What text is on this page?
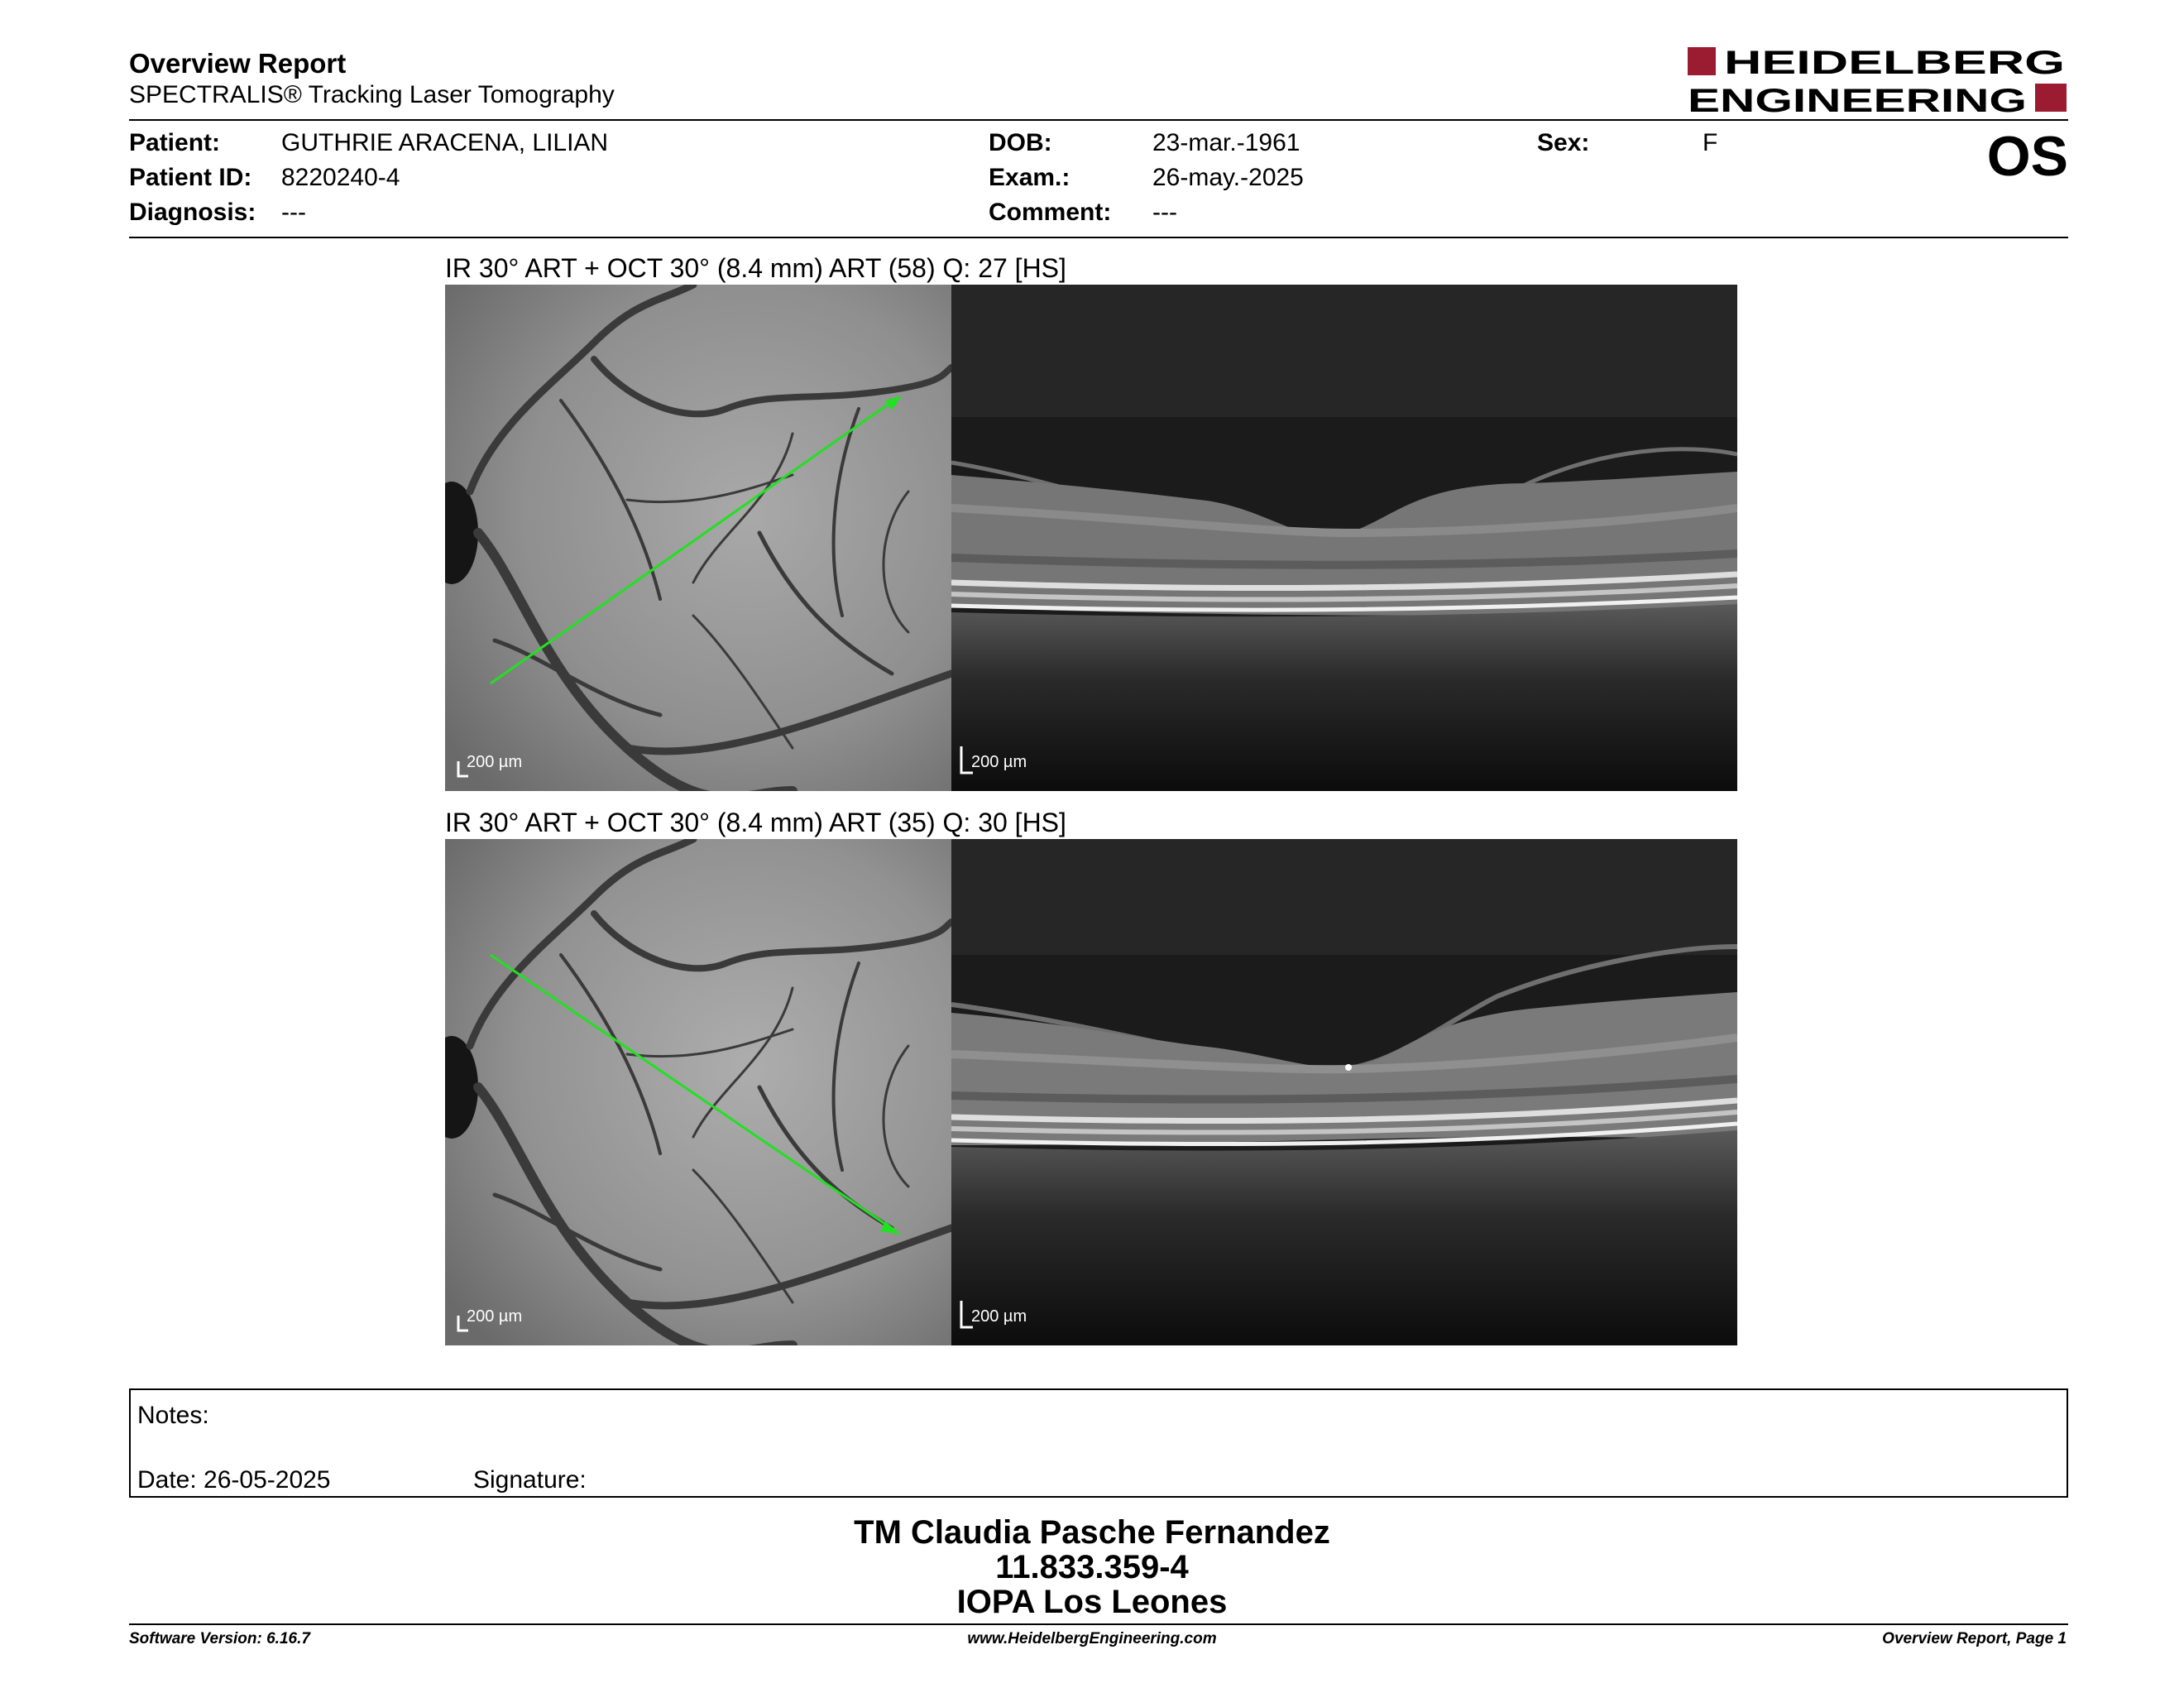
Overview Report
SPECTRALIS® Tracking Laser Tomography
HEIDELBERG
ENGINEERING
Patient: GUTHRIE ARACENA, LILIAN
Patient ID: 8220240-4
Diagnosis: ---
DOB:	23-mar.-1961
Exam.:	26-may.-2025
Comment: ---
Sex:	F	OS
IR 30° ART + OCT 30° (8.4 mm) ART (58) Q: 27 [HS]
200 µm	200 µm
IR 30° ART + OCT 30° (8.4 mm) ART (35) Q: 30 [HS]
200 µm	200 µm
Notes:
Date: 26-05-2025	Signature:
TM Claudia Pasche Fernandez
11.833.359-4
IOPA Los Leones
Software Version: 6.16.7	www.HeidelbergEngineering.com	Overview Report, Page 1
